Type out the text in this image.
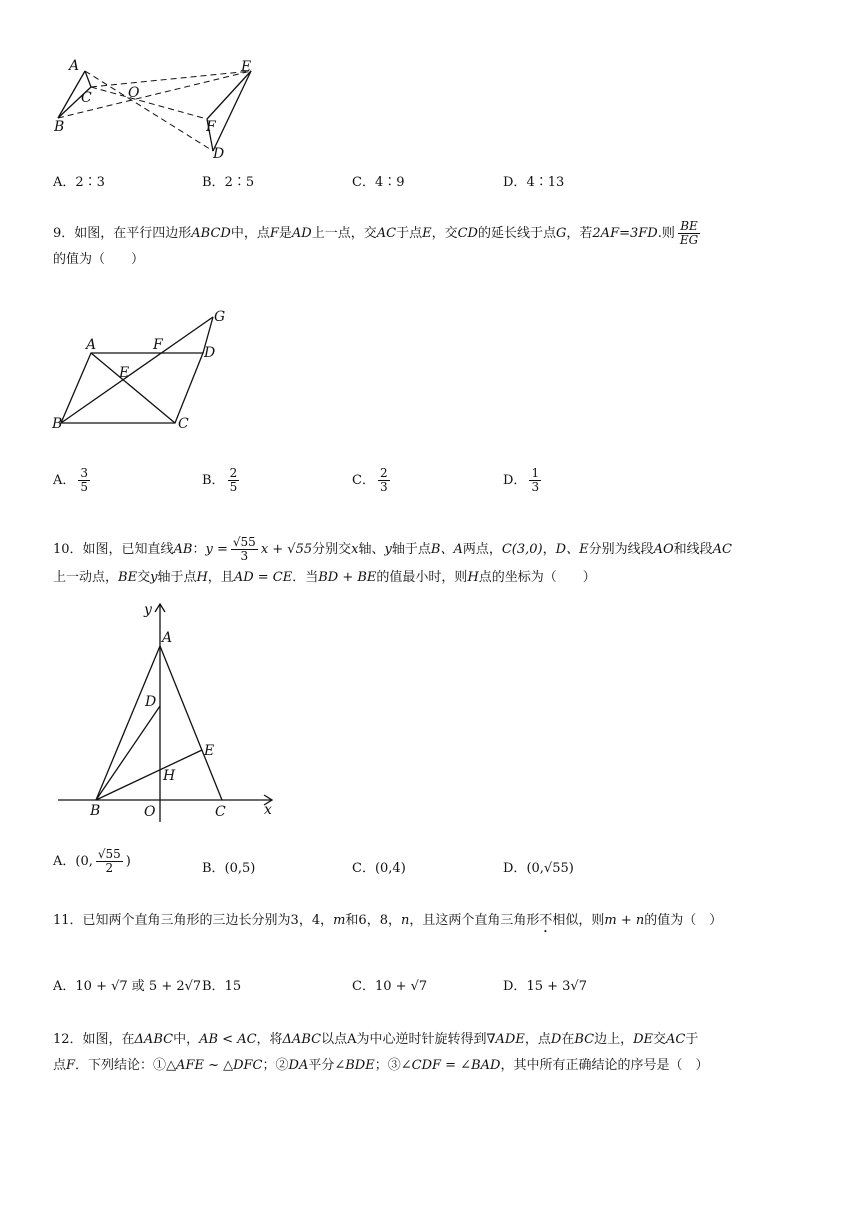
A
C
B
O
E
F
D
A．2∶3	B．2∶5	C．4∶9	D．4∶13
9．如图，在平行四边形ABCD中，点F是AD上一点，交AC于点E，交CD的延长线于点G，若2AF=3FD.则 $\frac{BE}{EG}$

的值为（　　）
A	F	D
G
E
B	C
A． $\frac{3}{5}$	B． $\frac{2}{5}$	C． $\frac{2}{3}$	D． $\frac{1}{3}$
10．如图，已知直线AB：$y = \frac{√55}{3}$ x + √55分别交x轴、y轴于点B、A两点，C(3,0)，D、E分别为线段AO和线段AC
上一动点，BE交y轴于点H，且AD = CE．当BD + BE的值最小时，则H点的坐标为（　　）
y
A
D
E
H
B	O	C	x
A．(0, $\frac{√55}{2}$ )	B．(0,5)	C．(0,4)	D．(0,√55)
11．已知两个直角三角形的三边长分别为3，4，m和6，8，n，且这两个直角三角形不相似，则m + n的值为（　）
A．10 + √7 或 5 + 2√7 B．15	C．10 + √7	D．15 + 3√7
12．如图，在ΔABC中，AB < AC，将ΔABC以点A为中心逆时针旋转得到∇ADE，点D在BC边上，DE交AC于
点F．下列结论：①△AFE ~ △DFC；②DA平分∠BDE；③∠CDF = ∠BAD，其中所有正确结论的序号是（　）
